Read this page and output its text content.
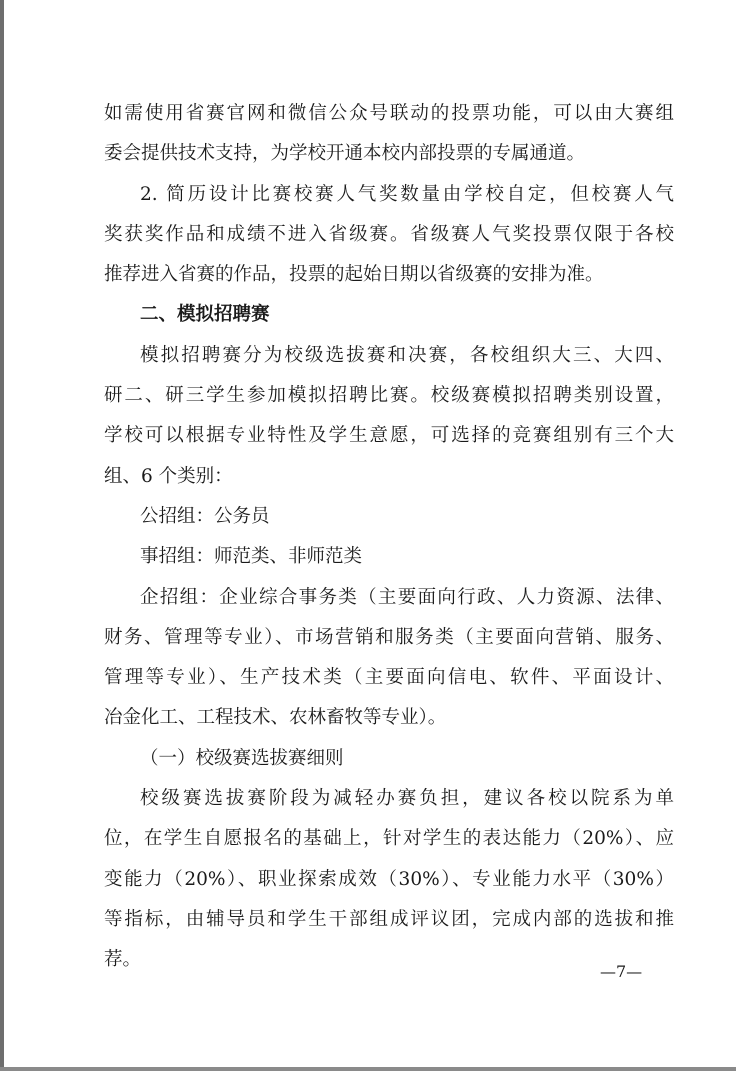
如需使用省赛官网和微信公众号联动的投票功能，可以由大赛组

委会提供技术支持，为学校开通本校内部投票的专属通道。

2. 简历设计比赛校赛人气奖数量由学校自定，但校赛人气

奖获奖作品和成绩不进入省级赛。省级赛人气奖投票仅限于各校

推荐进入省赛的作品，投票的起始日期以省级赛的安排为准。

二、模拟招聘赛

模拟招聘赛分为校级选拔赛和决赛，各校组织大三、大四、

研二、研三学生参加模拟招聘比赛。校级赛模拟招聘类别设置，

学校可以根据专业特性及学生意愿，可选择的竞赛组别有三个大

组、6 个类别：

公招组：公务员

事招组：师范类、非师范类

企招组：企业综合事务类（主要面向行政、人力资源、法律、

财务、管理等专业）、市场营销和服务类（主要面向营销、服务、

管理等专业）、生产技术类（主要面向信电、软件、平面设计、

冶金化工、工程技术、农林畜牧等专业）。

（一）校级赛选拔赛细则

校级赛选拔赛阶段为减轻办赛负担，建议各校以院系为单

位，在学生自愿报名的基础上，针对学生的表达能力（20%）、应

变能力（20%）、职业探索成效（30%）、专业能力水平（30%）

等指标，由辅导员和学生干部组成评议团，完成内部的选拔和推

荐。

—7—
